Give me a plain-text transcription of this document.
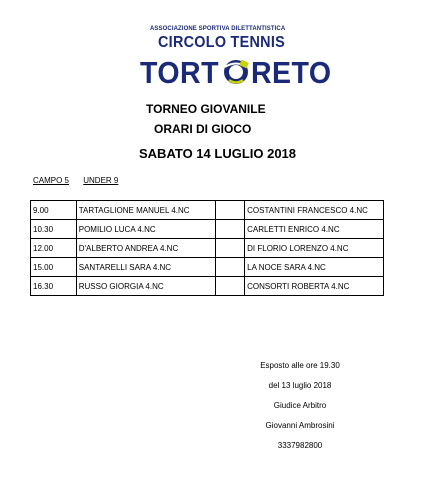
ASSOCIAZIONE SPORTIVA DILETTANTISTICA
CIRCOLO TENNIS
TORT RETO
TORNEO GIOVANILE
ORARI DI GIOCO
SABATO 14 LUGLIO 2018
CAMPO 5 UNDER 9
9.00	TARTAGLIONE MANUEL 4.NC		COSTANTINI FRANCESCO 4.NC
10.30	POMILIO LUCA 4.NC		CARLETTI ENRICO 4.NC
12.00	D'ALBERTO ANDREA 4.NC		DI FLORIO LORENZO 4.NC
15.00	SANTARELLI SARA 4.NC		LA NOCE SARA 4.NC
16.30	RUSSO GIORGIA 4.NC		CONSORTI ROBERTA 4.NC
Esposto alle ore 19.30
del 13 luglio 2018
Giudice Arbitro
Giovanni Ambrosini
3337982800
